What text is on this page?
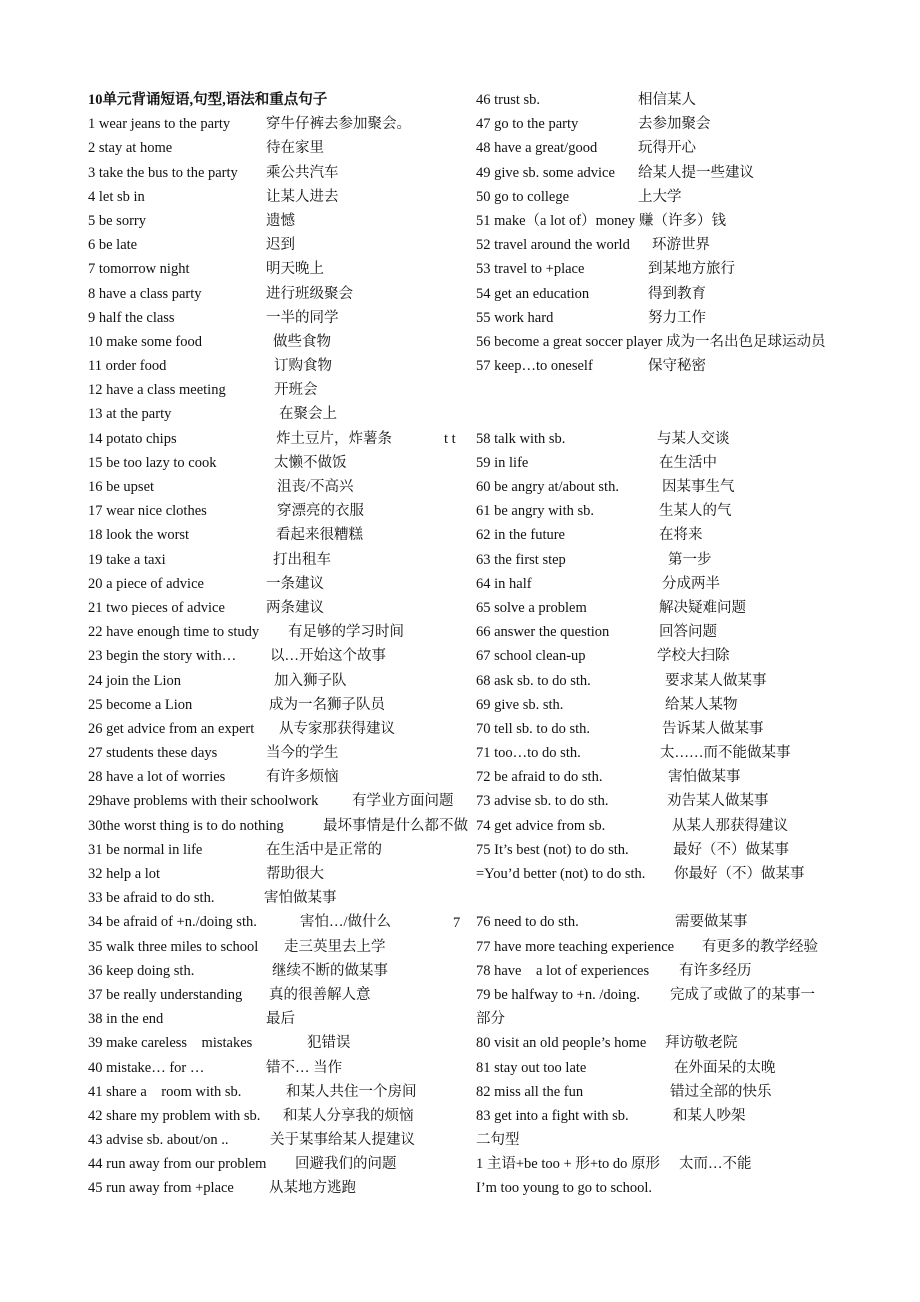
10单元背诵短语,句型,语法和重点句子
1 wear jeans to the party 穿牛仔裤去参加聚会。
2 stay at home	待在家里
3 take the bus to the party 乘公共汽车
4 let sb in	让某人进去
5 be sorry	遗憾
6 be late	迟到
7 tomorrow night	明天晚上
8 have a class party	进行班级聚会
9 half the class	一半的同学
10 make some food	做些食物
11 order food	订购食物
12 have a class meeting	开班会
13 at the party	在聚会上
14 potato chips	炸土豆片，炸薯条
15 be too lazy to cook	太懒不做饭
16 be upset	沮丧/不高兴
17 wear nice clothes	穿漂亮的衣服
18 look the worst	看起来很糟糕
19 take a taxi	打出租车
20 a piece of advice	一条建议
21 two pieces of advice	两条建议
22 have enough time to study 有足够的学习时间
23 begin the story with… 以…开始这个故事
24 join the Lion	加入狮子队
25 become a Lion	成为一名狮子队员
26 get advice from an expert 从专家那获得建议
27 students these days	当今的学生
28 have a lot of worries	有许多烦恼
29have problems with their schoolwork 有学业方面问题
30the worst thing is to do nothing	最坏事情是什么都不做
31 be normal in life	在生活中是正常的
32 help a lot	帮助很大
33 be afraid to do sth.	害怕做某事
34 be afraid of +n./doing sth.	害怕…/做什么
35 walk three miles to school 走三英里去上学
36 keep doing sth.	继续不断的做某事
37 be really understanding 真的很善解人意
38 in the end	最后
39 make careless　mistakes	犯错误
40 mistake… for …	错不… 当作
41 share a　room with sb.	和某人共住一个房间
42 share my problem with sb. 和某人分享我的烦恼
43 advise sb. about/on ..	关于某事给某人提建议
44 run away from our problem 回避我们的问题
45 run away from +place 从某地方逃跑
46 trust sb.	相信某人
47 go to the party	去参加聚会
48 have a great/good	玩得开心
49 give sb. some advice 给某人提一些建议
50 go to college	上大学
51 make（a lot of）money 赚（许多）钱
52 travel around the world 环游世界
53 travel to +place	到某地方旅行
54 get an education	得到教育
55 work hard	努力工作
56 become a great soccer player 成为一名出色足球运动员
57 keep…to oneself	保守秘密
58 talk with sb.	与某人交谈
59 in life	在生活中
60 be angry at/about sth.	因某事生气
61 be angry with sb.	生某人的气
62 in the future	在将来
63 the first step	第一步
64 in half	分成两半
65 solve a problem	解决疑难问题
66 answer the question	回答问题
67 school clean-up	学校大扫除
68 ask sb. to do sth.	要求某人做某事
69 give sb. sth.	给某人某物
70 tell sb. to do sth.	告诉某人做某事
71 too…to do sth.	太……而不能做某事
72 be afraid to do sth.	害怕做某事
73 advise sb. to do sth.	劝告某人做某事
74 get advice from sb.	从某人那获得建议
75 It’s best (not) to do sth.	最好（不）做某事
=You’d better (not) to do sth. 你最好（不）做某事
76 need to do sth.	需要做某事
77 have more teaching experience 有更多的教学经验
78 have　a lot of experiences 有许多经历
79 be halfway to +n. /doing. 完成了或做了的某事一
部分
80 visit an old people’s home 拜访敬老院
81 stay out too late	在外面呆的太晚
82 miss all the fun	错过全部的快乐
83 get into a fight with sb.	和某人吵架
二句型
1 主语+be too + 形+to do 原形 太而…不能
I’m too young to go to school.
t t
7
